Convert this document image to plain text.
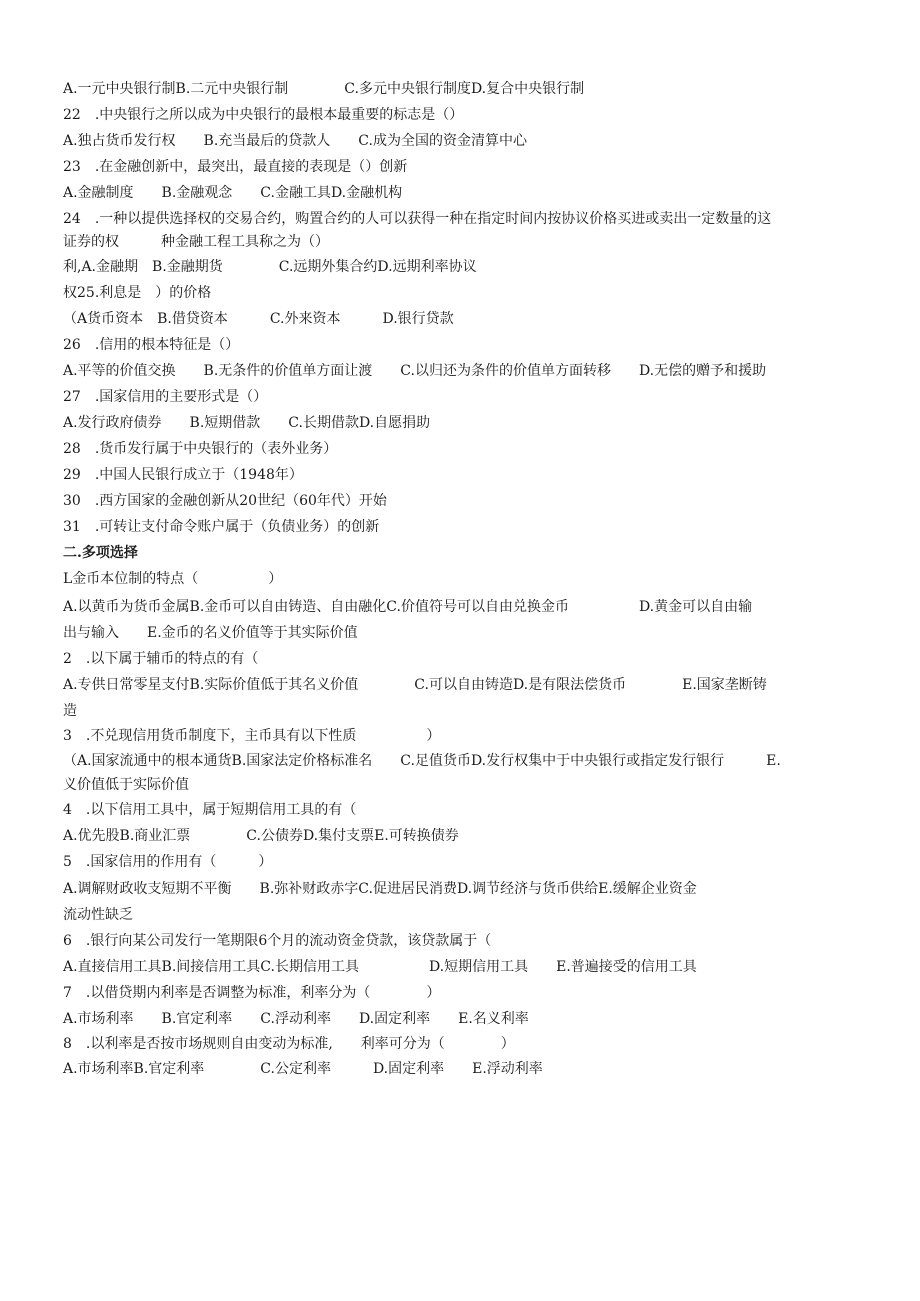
A.一元中央银行制B.二元中央银行制　　　　C.多元中央银行制度D.复合中央银行制

22　.中央银行之所以成为中央银行的最根本最重要的标志是（）

A.独占货币发行权　　B.充当最后的贷款人　　C.成为全国的资金清算中心

23　.在金融创新中，最突出，最直接的表现是（）创新

A.金融制度　　B.金融观念　　C.金融工具D.金融机构

24　.一种以提供选择权的交易合约，购置合约的人可以获得一种在指定时间内按协议价格买进或卖出一定数量的这

证券的权　　　种金融工程工具称之为（）

利,A.金融期　B.金融期货　　　　C.远期外集合约D.远期利率协议

权25.利息是　）的价格

（A货币资本　B.借贷资本　　　C.外来资本　　　D.银行贷款

26　.信用的根本特征是（）

A.平等的价值交换　　B.无条件的价值单方面让渡　　C.以归还为条件的价值单方面转移　　D.无偿的赠予和援助

27　.国家信用的主要形式是（）

A.发行政府债券　　B.短期借款　　C.长期借款D.自愿捐助

28　.货币发行属于中央银行的（表外业务）

29　.中国人民银行成立于（1948年）

30　.西方国家的金融创新从20世纪（60年代）开始

31　.可转让支付命令账户属于（负债业务）的创新

二.多项选择

L金币本位制的特点（　　　　　）

A.以黄币为货币金属B.金币可以自由铸造、自由融化C.价值符号可以自由兑换金币　　　　　D.黄金可以自由输

出与输入　　E.金币的名义价值等于其实际价值

2　.以下属于辅币的特点的有（

A.专供日常零星支付B.实际价值低于其名义价值　　　　C.可以自由铸造D.是有限法偿货币　　　　E.国家垄断铸

造

3　.不兑现信用货币制度下，主币具有以下性质　　　　　）

（A.国家流通中的根本通货B.国家法定价格标准名　　C.足值货币D.发行权集中于中央银行或指定发行银行　　　E.

义价值低于实际价值

4　.以下信用工具中，属于短期信用工具的有（

A.优先股B.商业汇票　　　　C.公债券D.集付支票E.可转换债券

5　.国家信用的作用有（　　　）

A.调解财政收支短期不平衡　　B.弥补财政赤字C.促进居民消费D.调节经济与货币供给E.缓解企业资金

流动性缺乏

6　.银行向某公司发行一笔期限6个月的流动资金贷款，该贷款属于（

A.直接信用工具B.间接信用工具C.长期信用工具　　　　　D.短期信用工具　　E.普遍接受的信用工具

7　.以借贷期内利率是否调整为标准，利率分为（　　　　）

A.市场利率　　B.官定利率　　C.浮动利率　　D.固定利率　　E.名义利率

8　.以利率是否按市场规则自由变动为标准,　　利率可分为（　　　　）

A.市场利率B.官定利率　　　　C.公定利率　　　D.固定利率　　E.浮动利率
